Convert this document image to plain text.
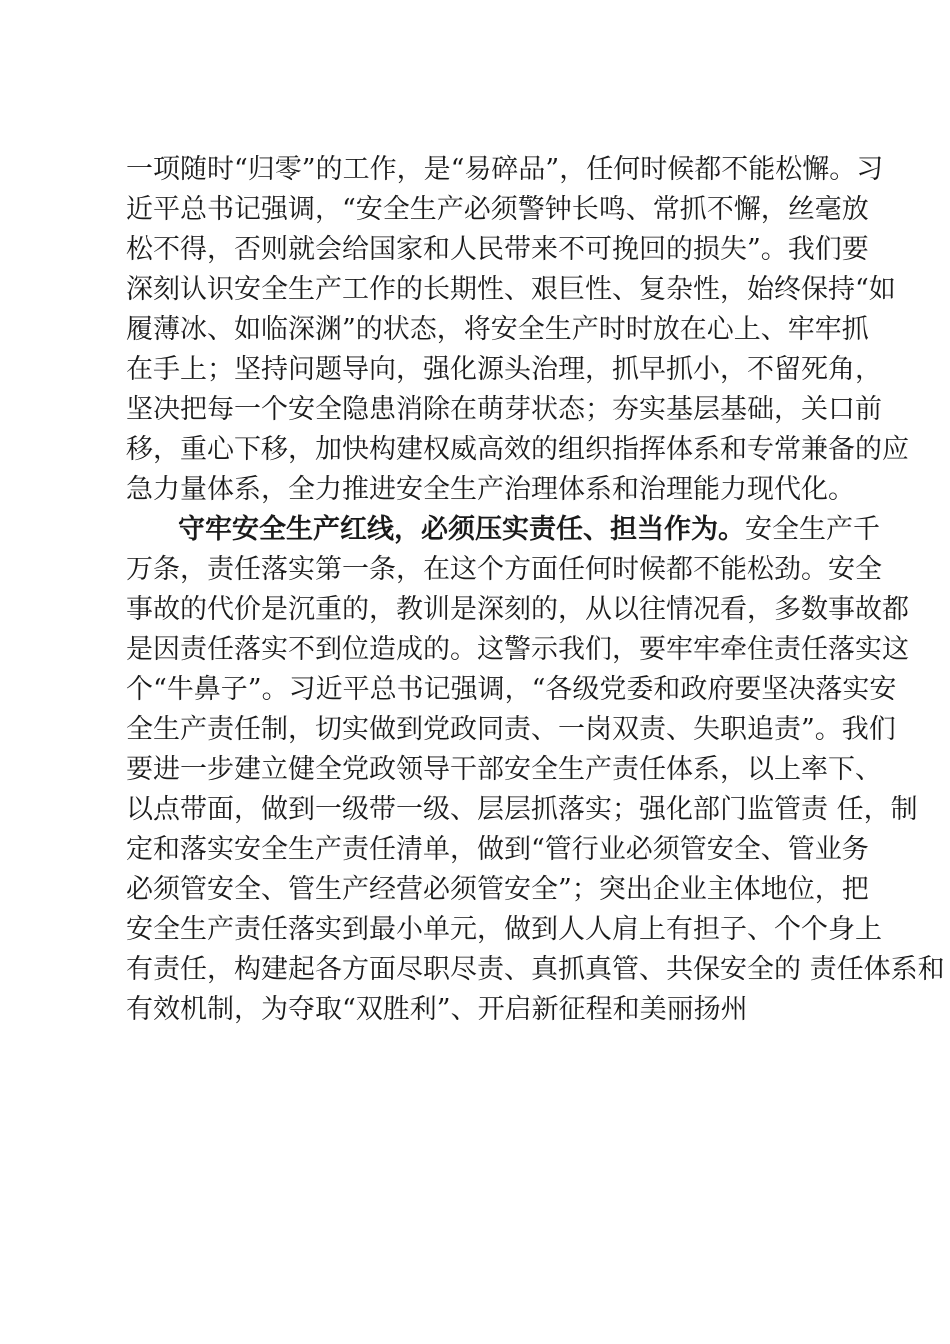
一项随时“归零”的工作，是“易碎品”，任何时候都不能松懈。习
近平总书记强调，“安全生产必须警钟长鸣、常抓不懈，丝毫放
松不得，否则就会给国家和人民带来不可挽回的损失”。我们要
深刻认识安全生产工作的长期性、艰巨性、复杂性，始终保持“如
履薄冰、如临深渊”的状态，将安全生产时时放在心上、牢牢抓
在手上；坚持问题导向，强化源头治理，抓早抓小，不留死角，
坚决把每一个安全隐患消除在萌芽状态；夯实基层基础，关口前
移，重心下移，加快构建权威高效的组织指挥体系和专常兼备的应
急力量体系，全力推进安全生产治理体系和治理能力现代化。
守牢安全生产红线，必须压实责任、担当作为。安全生产千
万条，责任落实第一条，在这个方面任何时候都不能松劲。安全
事故的代价是沉重的，教训是深刻的，从以往情况看，多数事故都
是因责任落实不到位造成的。这警示我们，要牢牢牵住责任落实这
个“牛鼻子”。习近平总书记强调，“各级党委和政府要坚决落实安
全生产责任制，切实做到党政同责、一岗双责、失职追责”。我们
要进一步建立健全党政领导干部安全生产责任体系，以上率下、
以点带面，做到一级带一级、层层抓落实；强化部门监管责 任，制
定和落实安全生产责任清单，做到“管行业必须管安全、管业务
必须管安全、管生产经营必须管安全”；突出企业主体地位，把
安全生产责任落实到最小单元，做到人人肩上有担子、个个身上
有责任，构建起各方面尽职尽责、真抓真管、共保安全的 责任体系和
有效机制，为夺取“双胜利”、开启新征程和美丽扬州
